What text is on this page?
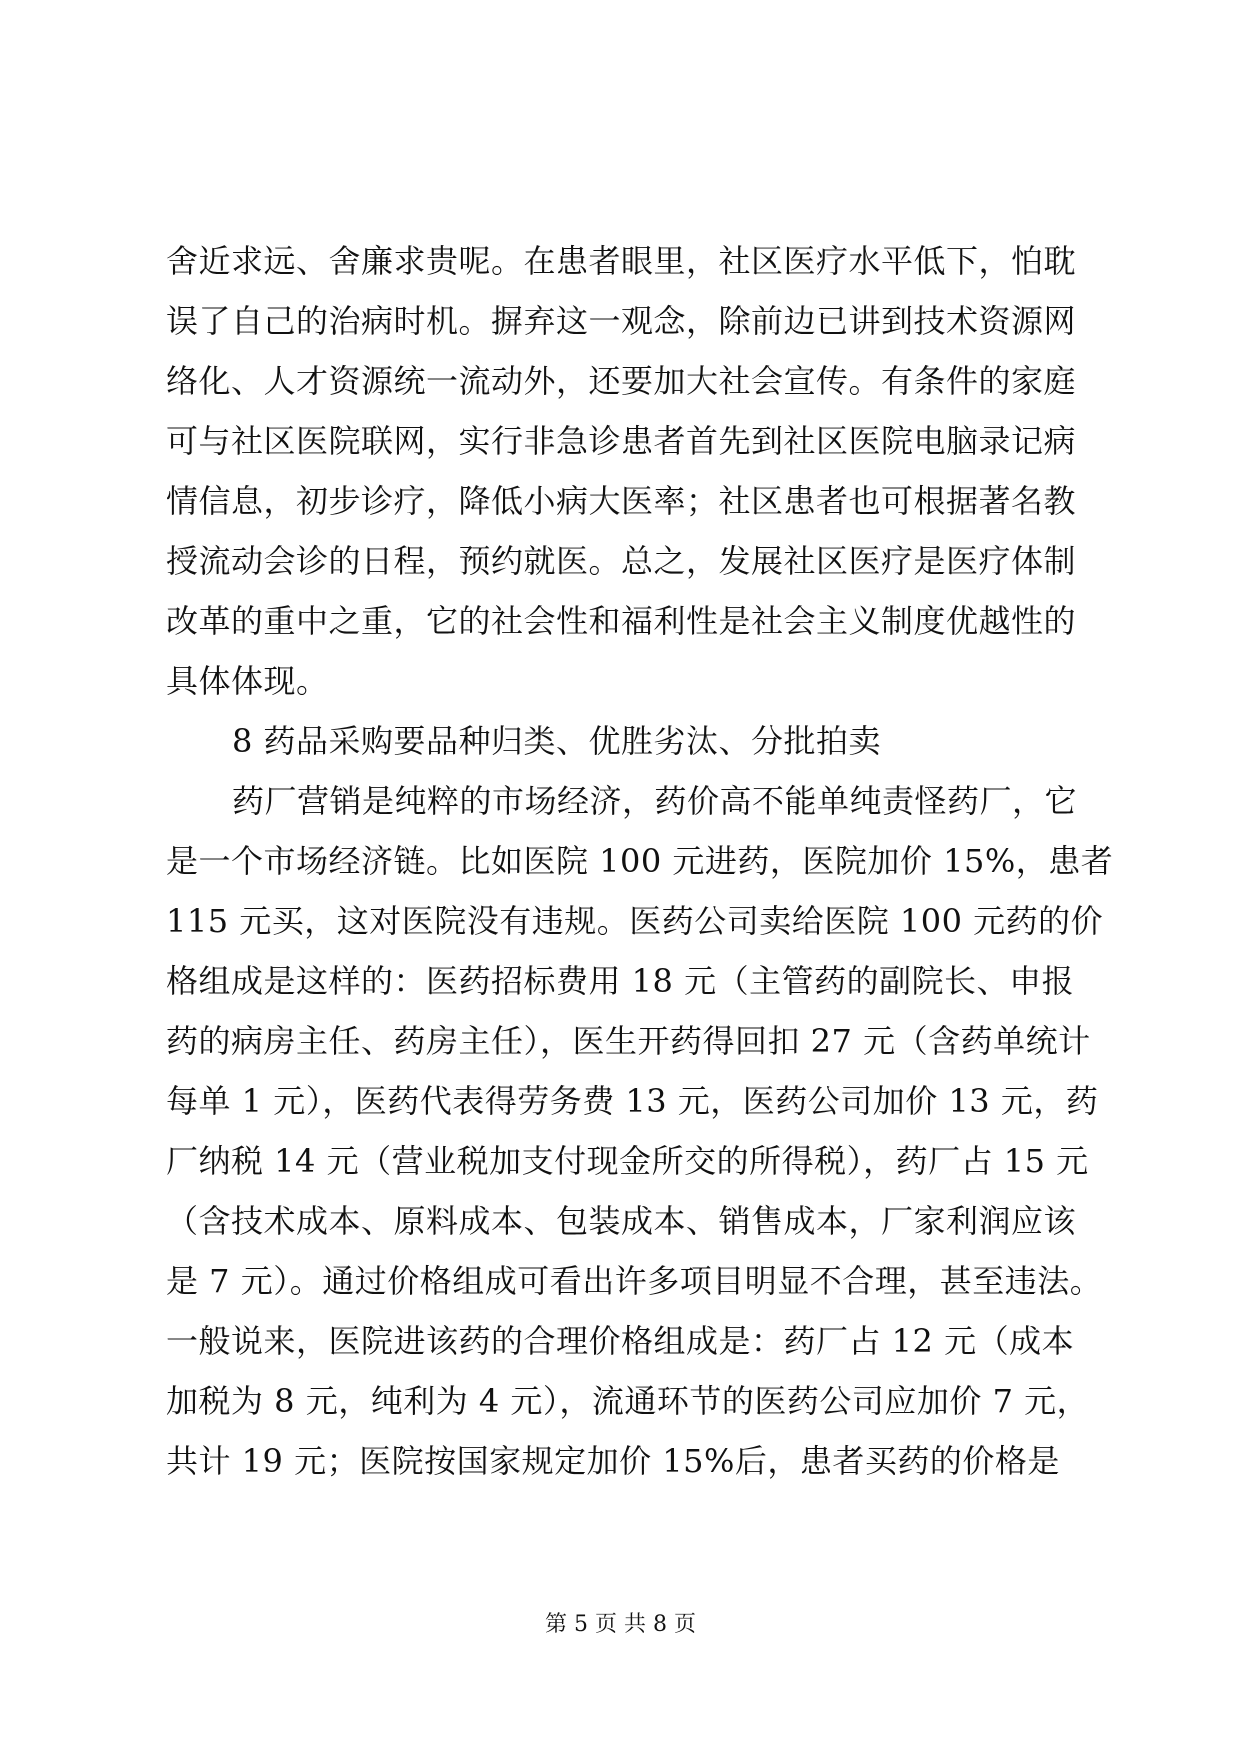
舍近求远、舍廉求贵呢。在患者眼里，社区医疗水平低下，怕耽
误了自己的治病时机。摒弃这一观念，除前边已讲到技术资源网
络化、人才资源统一流动外，还要加大社会宣传。有条件的家庭
可与社区医院联网，实行非急诊患者首先到社区医院电脑录记病
情信息，初步诊疗，降低小病大医率；社区患者也可根据著名教
授流动会诊的日程，预约就医。总之，发展社区医疗是医疗体制
改革的重中之重，它的社会性和福利性是社会主义制度优越性的
具体体现。
8 药品采购要品种归类、优胜劣汰、分批拍卖
药厂营销是纯粹的市场经济，药价高不能单纯责怪药厂，它
是一个市场经济链。比如医院 100 元进药，医院加价 15%，患者
115 元买，这对医院没有违规。医药公司卖给医院 100 元药的价
格组成是这样的：医药招标费用 18 元（主管药的副院长、申报
药的病房主任、药房主任），医生开药得回扣 27 元（含药单统计
每单 1 元），医药代表得劳务费 13 元，医药公司加价 13 元，药
厂纳税 14 元（营业税加支付现金所交的所得税），药厂占 15 元
（含技术成本、原料成本、包装成本、销售成本，厂家利润应该
是 7 元）。通过价格组成可看出许多项目明显不合理，甚至违法。
一般说来，医院进该药的合理价格组成是：药厂占 12 元（成本
加税为 8 元，纯利为 4 元），流通环节的医药公司应加价 7 元，
共计 19 元；医院按国家规定加价 15%后，患者买药的价格是
第 5 页 共 8 页
